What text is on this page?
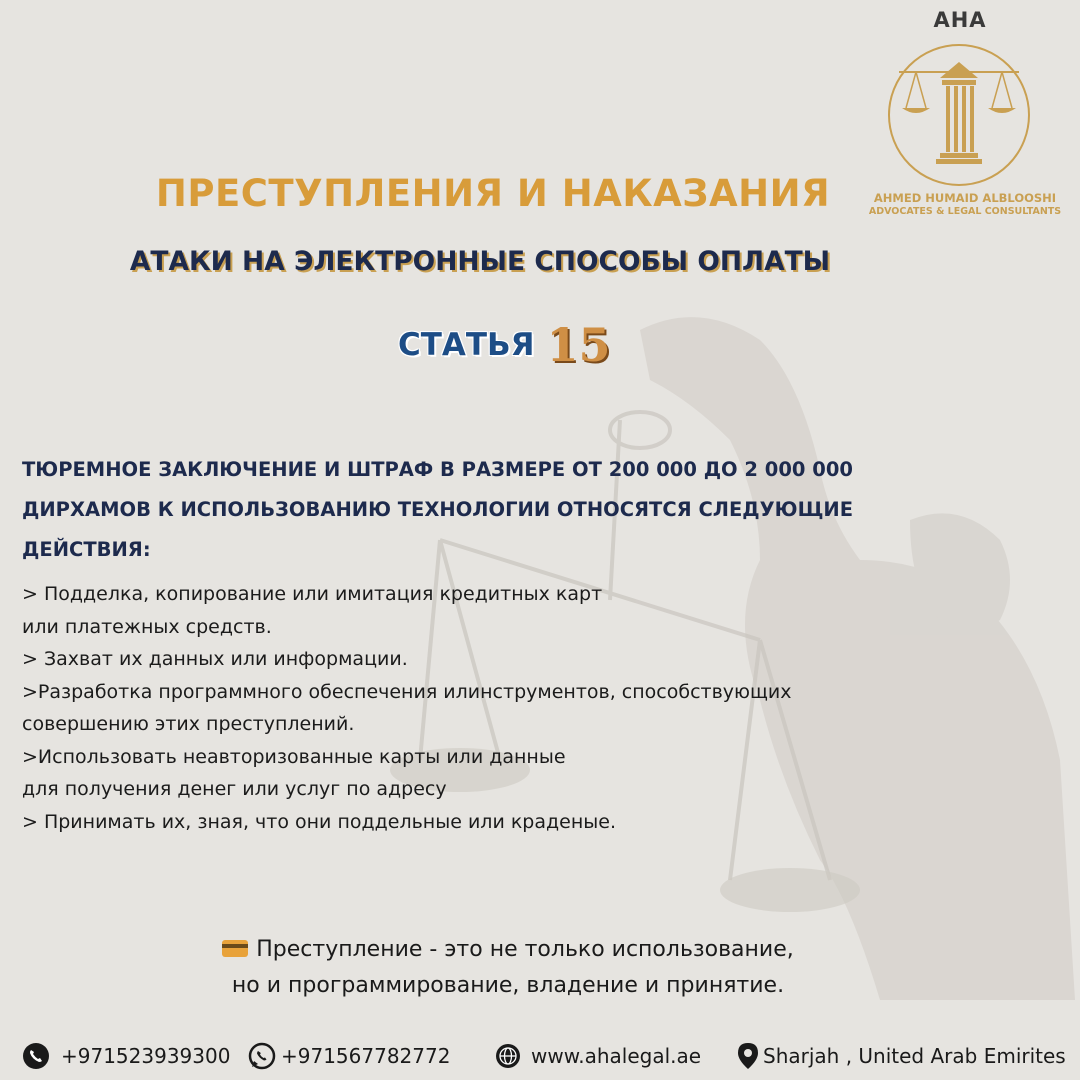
AHA
AHMED HUMAID ALBLOOSHI
ADVOCATES & LEGAL CONSULTANTS
ПРЕСТУПЛЕНИЯ И НАКАЗАНИЯ
АТАКИ НА ЭЛЕКТРОННЫЕ СПОСОБЫ ОПЛАТЫ
СТАТЬЯ 15
ТЮРЕМНОЕ ЗАКЛЮЧЕНИЕ И ШТРАФ В РАЗМЕРЕ ОТ 200 000 ДО 2 000 000
ДИРХАМОВ К ИСПОЛЬЗОВАНИЮ ТЕХНОЛОГИИ ОТНОСЯТСЯ СЛЕДУЮЩИЕ
ДЕЙСТВИЯ:
> Подделка, копирование или имитация кредитных карт
или платежных средств.
> Захват их данных или информации.
>Разработка программного обеспечения илинструментов, способствующих
совершению этих преступлений.
>Использовать неавторизованные карты или данные
для получения денег или услуг по адресу
> Принимать их, зная, что они поддельные или краденые.
Преступление - это не только использование,
но и программирование, владение и принятие.
+971523939300	+971567782772	www.ahalegal.ae	Sharjah , United Arab Emirites
